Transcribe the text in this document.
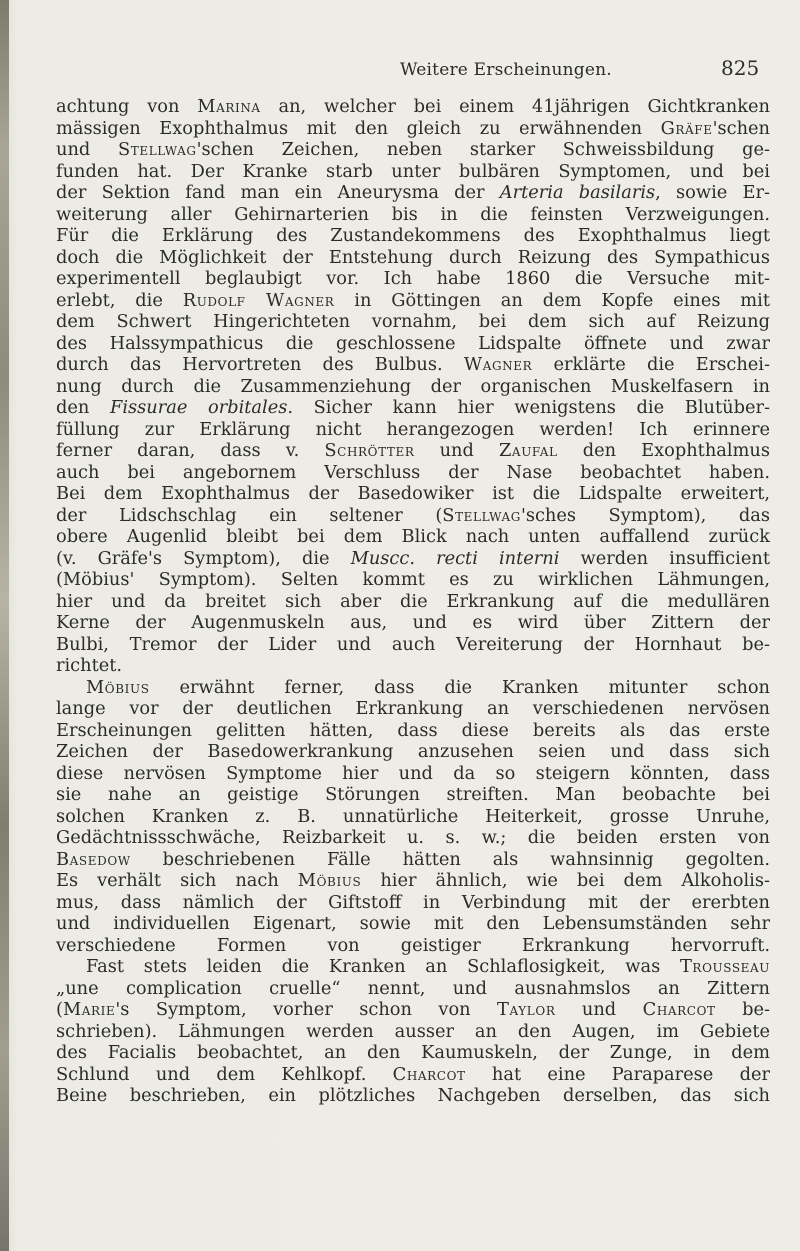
Weitere Erscheinungen.	825
achtung von Marina an, welcher bei einem 41jährigen Gichtkranken
mässigen Exophthalmus mit den gleich zu erwähnenden Gräfe'schen
und Stellwag'schen Zeichen, neben starker Schweissbildung ge-
funden hat. Der Kranke starb unter bulbären Symptomen, und bei
der Sektion fand man ein Aneurysma der Arteria basilaris, sowie Er-
weiterung aller Gehirnarterien bis in die feinsten Verzweigungen.
Für die Erklärung des Zustandekommens des Exophthalmus liegt
doch die Möglichkeit der Entstehung durch Reizung des Sympathicus
experimentell beglaubigt vor. Ich habe 1860 die Versuche mit-
erlebt, die Rudolf Wagner in Göttingen an dem Kopfe eines mit
dem Schwert Hingerichteten vornahm, bei dem sich auf Reizung
des Halssympathicus die geschlossene Lidspalte öffnete und zwar
durch das Hervortreten des Bulbus. Wagner erklärte die Erschei-
nung durch die Zusammenziehung der organischen Muskelfasern in
den Fissurae orbitales. Sicher kann hier wenigstens die Blutüber-
füllung zur Erklärung nicht herangezogen werden! Ich erinnere
ferner daran, dass v. Schrötter und Zaufal den Exophthalmus
auch bei angebornem Verschluss der Nase beobachtet haben.
Bei dem Exophthalmus der Basedowiker ist die Lidspalte erweitert,
der Lidschschlag ein seltener (Stellwag'sches Symptom), das
obere Augenlid bleibt bei dem Blick nach unten auffallend zurück
(v. Gräfe's Symptom), die Muscc. recti interni werden insufficient
(Möbius' Symptom). Selten kommt es zu wirklichen Lähmungen,
hier und da breitet sich aber die Erkrankung auf die medullären
Kerne der Augenmuskeln aus, und es wird über Zittern der
Bulbi, Tremor der Lider und auch Vereiterung der Hornhaut be-
richtet.
Möbius erwähnt ferner, dass die Kranken mitunter schon
lange vor der deutlichen Erkrankung an verschiedenen nervösen
Erscheinungen gelitten hätten, dass diese bereits als das erste
Zeichen der Basedowerkrankung anzusehen seien und dass sich
diese nervösen Symptome hier und da so steigern könnten, dass
sie nahe an geistige Störungen streiften. Man beobachte bei
solchen Kranken z. B. unnatürliche Heiterkeit, grosse Unruhe,
Gedächtnissschwäche, Reizbarkeit u. s. w.; die beiden ersten von
Basedow beschriebenen Fälle hätten als wahnsinnig gegolten.
Es verhält sich nach Möbius hier ähnlich, wie bei dem Alkoholis-
mus, dass nämlich der Giftstoff in Verbindung mit der ererbten
und individuellen Eigenart, sowie mit den Lebensumständen sehr
verschiedene Formen von geistiger Erkrankung hervorruft.
Fast stets leiden die Kranken an Schlaflosigkeit, was Trousseau
„une complication cruelle“ nennt, und ausnahmslos an Zittern
(Marie's Symptom, vorher schon von Taylor und Charcot be-
schrieben). Lähmungen werden ausser an den Augen, im Gebiete
des Facialis beobachtet, an den Kaumuskeln, der Zunge, in dem
Schlund und dem Kehlkopf. Charcot hat eine Paraparese der
Beine beschrieben, ein plötzliches Nachgeben derselben, das sich
